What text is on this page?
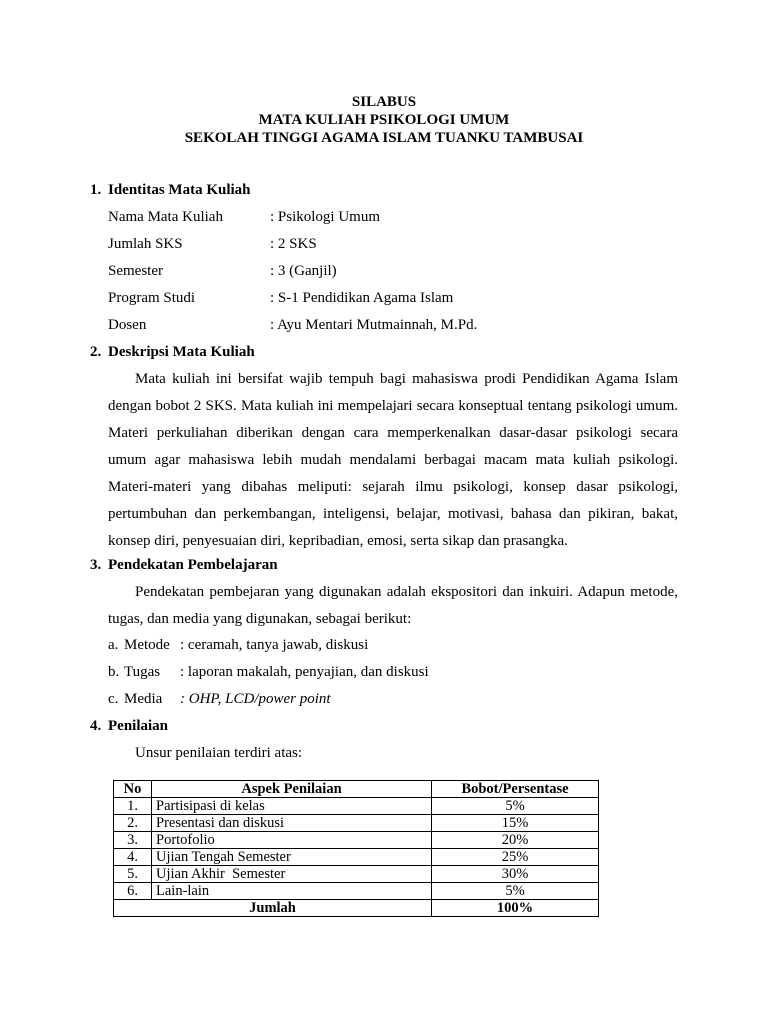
SILABUS
MATA KULIAH PSIKOLOGI UMUM
SEKOLAH TINGGI AGAMA ISLAM TUANKU TAMBUSAI
1. Identitas Mata Kuliah
Nama Mata Kuliah	: Psikologi Umum
Jumlah SKS	: 2 SKS
Semester	: 3 (Ganjil)
Program Studi	: S-1 Pendidikan Agama Islam
Dosen	: Ayu Mentari Mutmainnah, M.Pd.
2. Deskripsi Mata Kuliah
Mata kuliah ini bersifat wajib tempuh bagi mahasiswa prodi Pendidikan Agama Islam
dengan bobot 2 SKS. Mata kuliah ini mempelajari secara konseptual tentang psikologi umum.
Materi perkuliahan diberikan dengan cara memperkenalkan dasar-dasar psikologi secara
umum agar mahasiswa lebih mudah mendalami berbagai macam mata kuliah psikologi.
Materi-materi yang dibahas meliputi: sejarah ilmu psikologi, konsep dasar psikologi,
pertumbuhan dan perkembangan, inteligensi, belajar, motivasi, bahasa dan pikiran, bakat,
konsep diri, penyesuaian diri, kepribadian, emosi, serta sikap dan prasangka.
3. Pendekatan Pembelajaran
Pendekatan pembejaran yang digunakan adalah ekspositori dan inkuiri. Adapun metode,
tugas, dan media yang digunakan, sebagai berikut:
a. Metode : ceramah, tanya jawab, diskusi
b. Tugas : laporan makalah, penyajian, dan diskusi
c. Media : OHP, LCD/power point
4. Penilaian
Unsur penilaian terdiri atas:
No	Aspek Penilaian	Bobot/Persentase
1.	Partisipasi di kelas	5%
2.	Presentasi dan diskusi	15%
3.	Portofolio	20%
4.	Ujian Tengah Semester	25%
5.	Ujian Akhir  Semester	30%
6.	Lain-lain	5%
Jumlah		100%
